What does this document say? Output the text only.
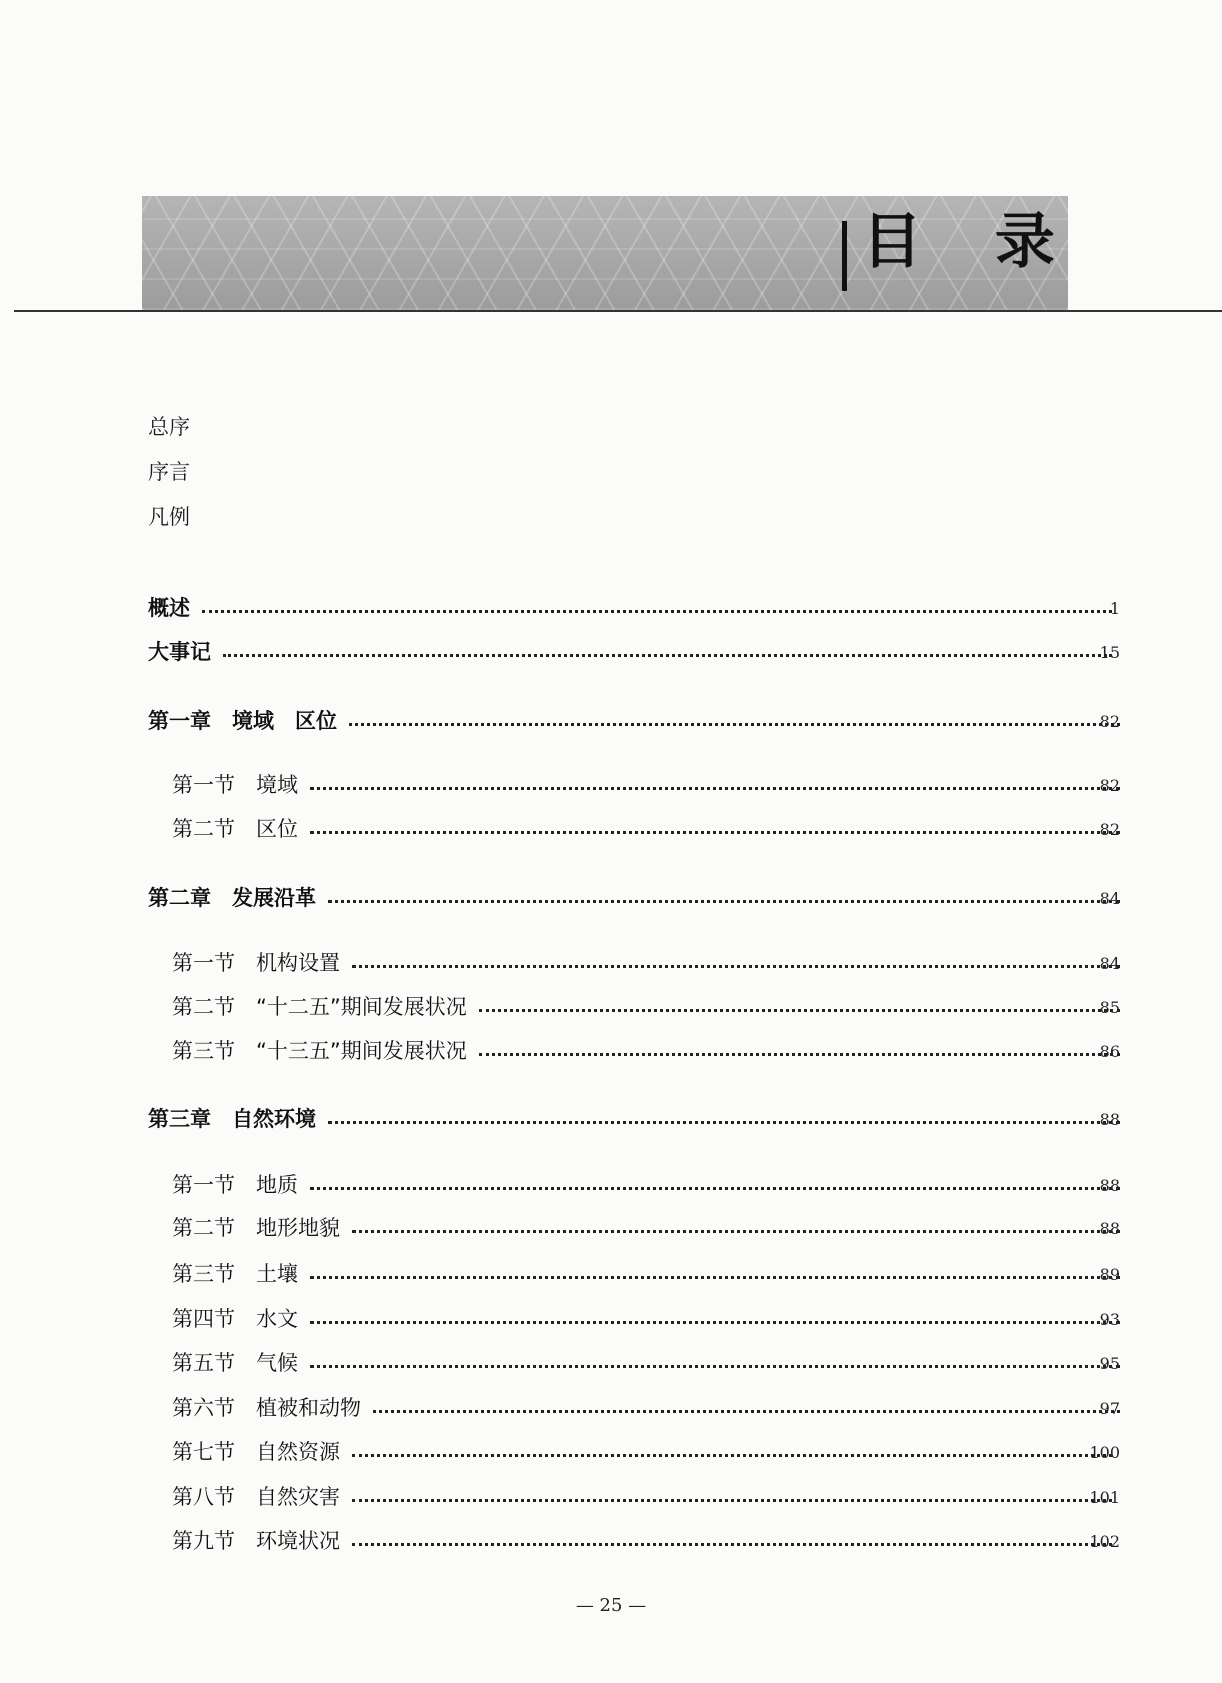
目 录
总序
序言
凡例
概述	1
大事记	15
第一章　境域　区位	82
第一节　境域	82
第二节　区位	82
第二章　发展沿革	84
第一节　机构设置	84
第二节　“十二五”期间发展状况	85
第三节　“十三五”期间发展状况	86
第三章　自然环境	88
第一节　地质	88
第二节　地形地貌	88
第三节　土壤	89
第四节　水文	93
第五节　气候	95
第六节　植被和动物	97
第七节　自然资源	100
第八节　自然灾害	101
第九节　环境状况	102
— 25 —
